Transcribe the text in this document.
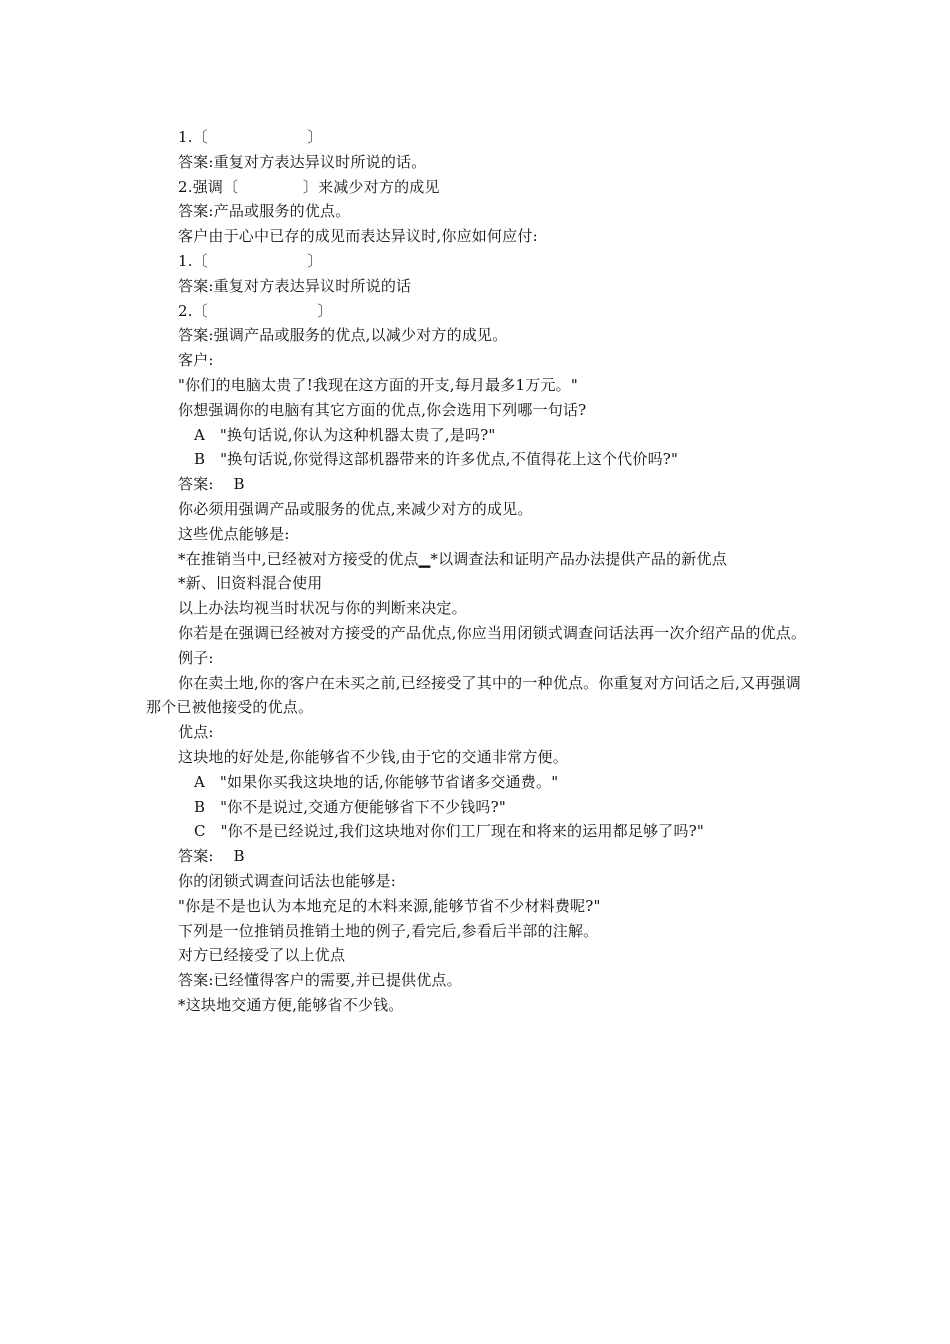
1.〔                    〕
答案:重复对方表达异议时所说的话。
2.强调〔             〕来减少对方的成见
答案:产品或服务的优点。
客户由于心中已存的成见而表达异议时,你应如何应付:
1.〔                    〕
答案:重复对方表达异议时所说的话
2.〔                      〕
答案:强调产品或服务的优点,以减少对方的成见。
客户:
"你们的电脑太贵了!我现在这方面的开支,每月最多1万元。"
你想强调你的电脑有其它方面的优点,你会选用下列哪一句话?
A   "换句话说,你认为这种机器太贵了,是吗?"
B   "换句话说,你觉得这部机器带来的许多优点,不值得花上这个代价吗?"
答案:    B
你必须用强调产品或服务的优点,来减少对方的成见。
这些优点能够是:
*在推销当中,已经被对方接受的优点▁*以调查法和证明产品办法提供产品的新优点
*新、旧资料混合使用
以上办法均视当时状况与你的判断来决定。
你若是在强调已经被对方接受的产品优点,你应当用闭锁式调查问话法再一次介绍产品的优点。
例子:
你在卖土地,你的客户在未买之前,已经接受了其中的一种优点。你重复对方问话之后,又再强调那个已被他接受的优点。
优点:
这块地的好处是,你能够省不少钱,由于它的交通非常方便。
A   "如果你买我这块地的话,你能够节省诸多交通费。"
B   "你不是说过,交通方便能够省下不少钱吗?"
C   "你不是已经说过,我们这块地对你们工厂现在和将来的运用都足够了吗?"
答案:    B
你的闭锁式调查问话法也能够是:
"你是不是也认为本地充足的木料来源,能够节省不少材料费呢?"
下列是一位推销员推销土地的例子,看完后,参看后半部的注解。
对方已经接受了以上优点
答案:已经懂得客户的需要,并已提供优点。
*这块地交通方便,能够省不少钱。
